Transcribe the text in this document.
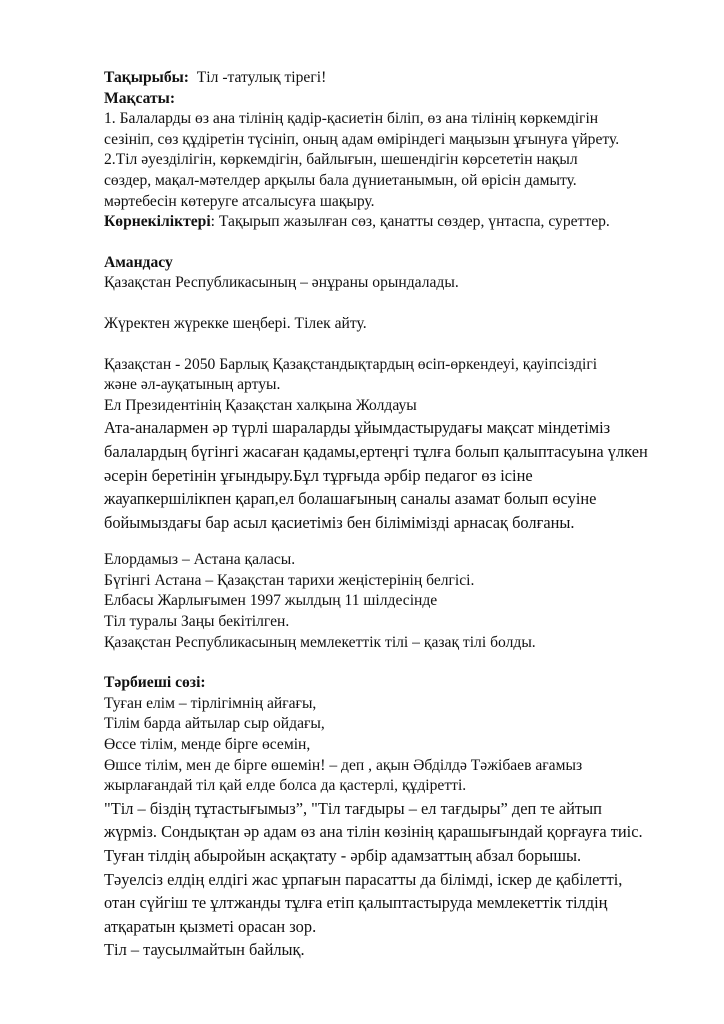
Тақырыбы:  Тіл -татулық тірегі!
Мақсаты:
1. Балаларды өз ана тілінің қадір-қасиетін біліп, өз ана тілінің көркемдігін
сезініп, сөз құдіретін түсініп, оның адам өміріндегі маңызын ұғынуға үйрету.
2.Тіл әуезділігін, көркемдігін, байлығын, шешендігін көрсететін нақыл
сөздер, мақал-мәтелдер арқылы бала дүниетанымын, ой өрісін дамыту.
мәртебесін көтеруге атсалысуға шақыру.
Көрнекіліктері: Тақырып жазылған сөз, қанатты сөздер, үнтаспа, суреттер.
Амандасу
Қазақстан Республикасының – әнұраны орындалады.
Жүректен жүрекке шеңбері. Тілек айту.
Қазақстан - 2050 Барлық Қазақстандықтардың өсіп-өркендеуі, қауіпсіздігі
және әл-ауқатының артуы.
Ел Президентінің Қазақстан халқына Жолдауы
Ата-аналармен әр түрлі шараларды ұйымдастырудағы мақсат міндетіміз
балалардың бүгінгі жасаған қадамы,ертеңгі тұлға болып қалыптасуына үлкен
әсерін беретінін ұғындыру.Бұл тұрғыда әрбір педагог өз ісіне
жауапкершілікпен қарап,ел болашағының саналы азамат болып өсуіне
бойымыздағы бар асыл қасиетіміз бен білімімізді арнасақ болғаны.
Елордамыз – Астана қаласы.
Бүгінгі Астана – Қазақстан тарихи жеңістерінің белгісі.
Елбасы Жарлығымен 1997 жылдың 11 шілдесінде
Тіл туралы Заңы бекітілген.
Қазақстан Республикасының мемлекеттік тілі – қазақ тілі болды.
Тәрбиеші сөзі:
Туған елім – тірлігімнің айғағы,
Тілім барда айтылар сыр ойдағы,
Өссе тілім, менде бірге өсемін,
Өшсе тілім, мен де бірге өшемін! – деп , ақын Әбділдә Тәжібаев ағамыз
жырлағандай тіл қай елде болса да қастерлі, құдіретті.
"Тіл – біздің тұтастығымыз”, "Тіл тағдыры – ел тағдыры” деп те айтып
жүрміз. Сондықтан әр адам өз ана тілін көзінің қарашығындай қорғауға тиіс.
Туған тілдің абыройын асқақтату - әрбір адамзаттың абзал борышы.
Тәуелсіз елдің елдігі жас ұрпағын парасатты да білімді, іскер де қабілетті,
отан сүйгіш те ұлтжанды тұлға етіп қалыптастыруда мемлекеттік тілдің
атқаратын қызметі орасан зор.
Тіл – таусылмайтын байлық.
